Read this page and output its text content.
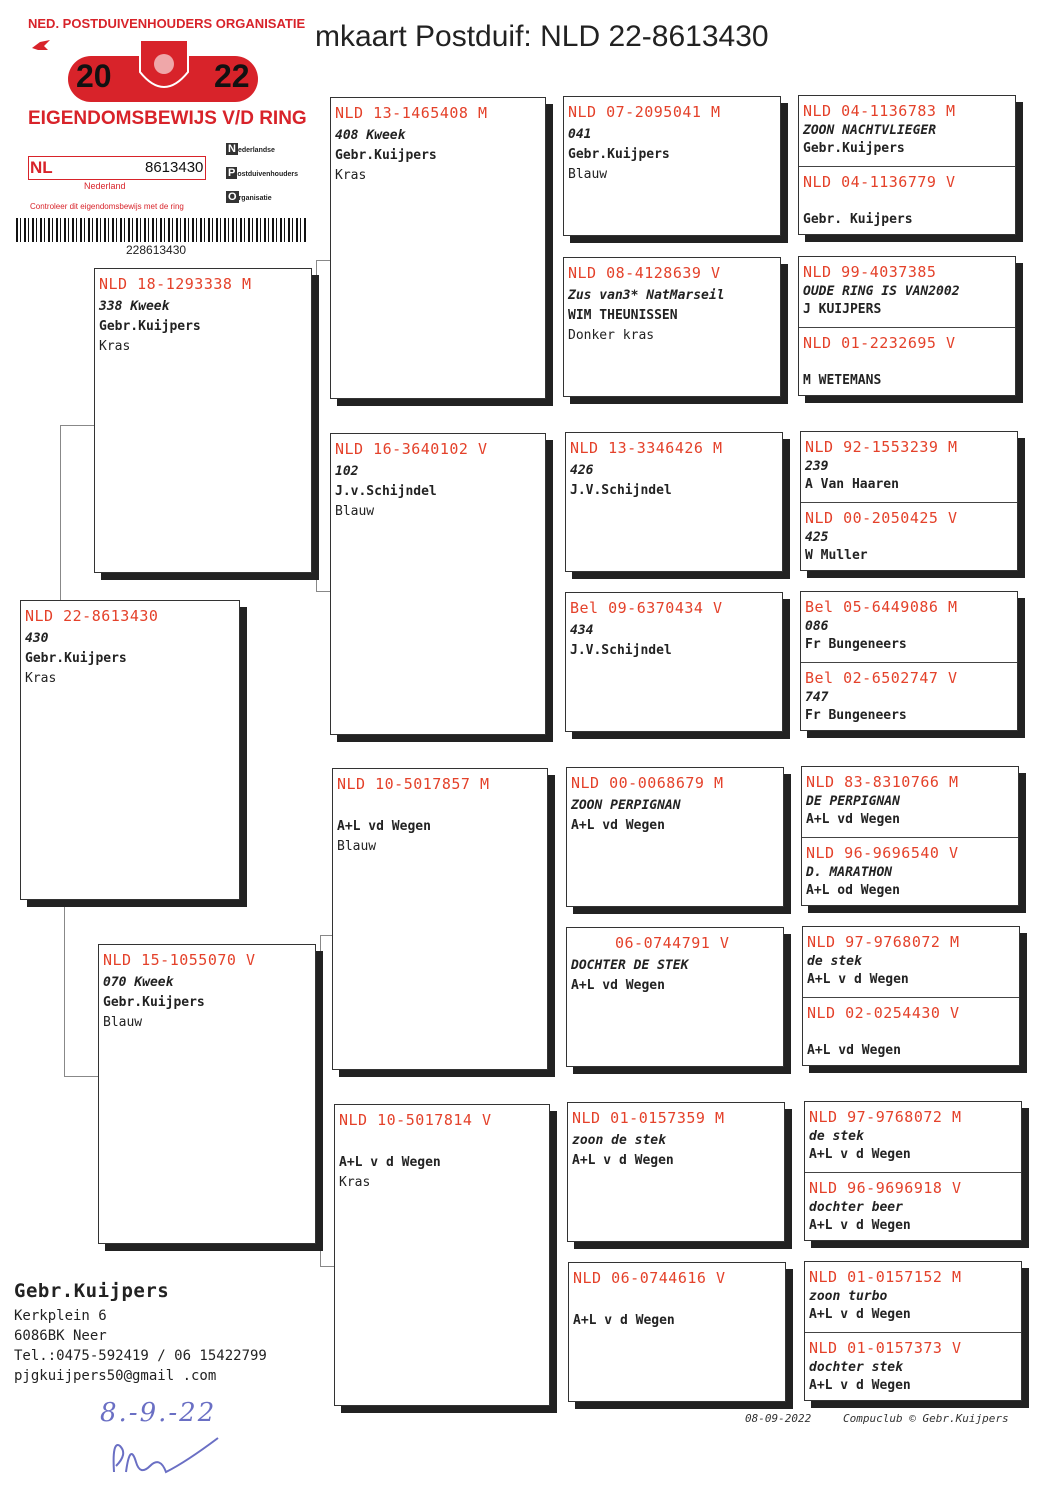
mkaart Postduif: NLD 22-8613430
NED. POSTDUIVENHOUDERS ORGANISATIE
20	22
EIGENDOMSBEWIJS V/D RING
NL	8613430
Nederland
N ederlandse
P ostduivenhouders
O rganisatie
Controleer dit eigendomsbewijs met de ring
228613430
NLD 22-8613430
430
Gebr.Kuijpers
Kras
NLD 18-1293338 M
338 Kweek
Gebr.Kuijpers
Kras
NLD 15-1055070 V
070 Kweek
Gebr.Kuijpers
Blauw
NLD 13-1465408 M
408 Kweek
Gebr.Kuijpers
Kras
NLD 16-3640102 V
102
J.v.Schijndel
Blauw
NLD 10-5017857 M
A+L vd Wegen
Blauw
NLD 10-5017814 V
A+L v d Wegen
Kras
NLD 07-2095041 M
041
Gebr.Kuijpers
Blauw
NLD 08-4128639 V
Zus van3* NatMarseil
WIM THEUNISSEN
Donker kras
NLD 13-3346426 M
426
J.V.Schijndel
Bel 09-6370434 V
434
J.V.Schijndel
NLD 00-0068679 M
ZOON PERPIGNAN
A+L vd Wegen
06-0744791 V
DOCHTER DE STEK
A+L vd Wegen
NLD 01-0157359 M
zoon de stek
A+L v d Wegen
NLD 06-0744616 V
A+L v d Wegen
NLD 04-1136783 M
ZOON NACHTVLIEGER
Gebr.Kuijpers
NLD 04-1136779 V
Gebr. Kuijpers
NLD 99-4037385
OUDE RING IS VAN2002
J KUIJPERS
NLD 01-2232695 V
M WETEMANS
NLD 92-1553239 M
239
A Van Haaren
NLD 00-2050425 V
425
W Muller
Bel 05-6449086 M
086
Fr Bungeneers
Bel 02-6502747 V
747
Fr Bungeneers
NLD 83-8310766 M
DE PERPIGNAN
A+L vd Wegen
NLD 96-9696540 V
D. MARATHON
A+L od Wegen
NLD 97-9768072 M
de stek
A+L v d Wegen
NLD 02-0254430 V
A+L vd Wegen
NLD 97-9768072 M
de stek
A+L v d Wegen
NLD 96-9696918 V
dochter beer
A+L v d Wegen
NLD 01-0157152 M
zoon turbo
A+L v d Wegen
NLD 01-0157373 V
dochter stek
A+L v d Wegen
Gebr.Kuijpers
Kerkplein 6
6086BK Neer
Tel.:0475-592419 / 06 15422799
pjgkuijpers50@gmail .com
8.-9.-22	08-09-2022	Compuclub © Gebr.Kuijpers
